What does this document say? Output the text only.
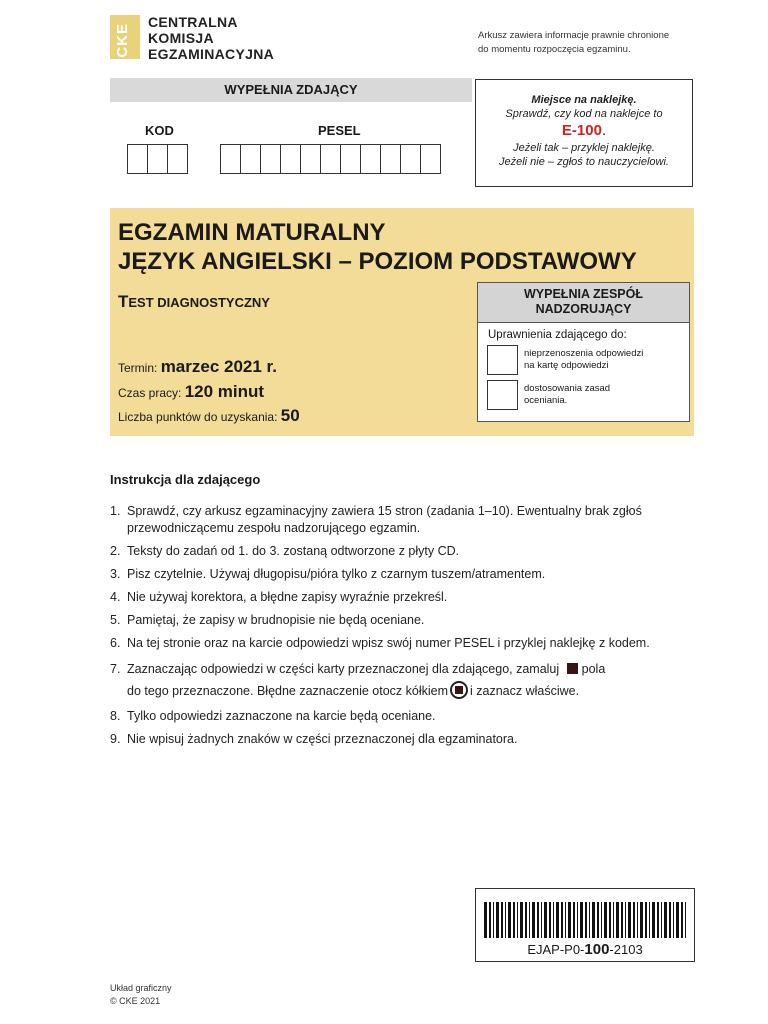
CKE
CENTRALNA
KOMISJA
EGZAMINACYJNA
Arkusz zawiera informacje prawnie chronione
do momentu rozpoczęcia egzaminu.
WYPEŁNIA ZDAJĄCY
KOD	PESEL
Miejsce na naklejkę.
Sprawdź, czy kod na naklejce to
E-100.
Jeżeli tak – przyklej naklejkę.
Jeżeli nie – zgłoś to nauczycielowi.
EGZAMIN MATURALNY
JĘZYK ANGIELSKI – POZIOM PODSTAWOWY
TEST DIAGNOSTYCZNY
Termin: marzec 2021 r.
Czas pracy: 120 minut
Liczba punktów do uzyskania: 50
WYPEŁNIA ZESPÓŁ
NADZORUJĄCY
Uprawnienia zdającego do:
nieprzenoszenia odpowiedzi
na kartę odpowiedzi
dostosowania zasad
oceniania.
Instrukcja dla zdającego
1. Sprawdź, czy arkusz egzaminacyjny zawiera 15 stron (zadania 1–10). Ewentualny brak zgłoś przewodniczącemu zespołu nadzorującego egzamin.
2. Teksty do zadań od 1. do 3. zostaną odtworzone z płyty CD.
3. Pisz czytelnie. Używaj długopisu/pióra tylko z czarnym tuszem/atramentem.
4. Nie używaj korektora, a błędne zapisy wyraźnie przekreśl.
5. Pamiętaj, że zapisy w brudnopisie nie będą oceniane.
6. Na tej stronie oraz na karcie odpowiedzi wpisz swój numer PESEL i przyklej naklejkę z kodem.
7. Zaznaczając odpowiedzi w części karty przeznaczonej dla zdającego, zamaluj pola
do tego przeznaczone. Błędne zaznaczenie otocz kółkiem i zaznacz właściwe.
8. Tylko odpowiedzi zaznaczone na karcie będą oceniane.
9. Nie wpisuj żadnych znaków w części przeznaczonej dla egzaminatora.
EJAP-P0-100-2103
Układ graficzny
© CKE 2021
